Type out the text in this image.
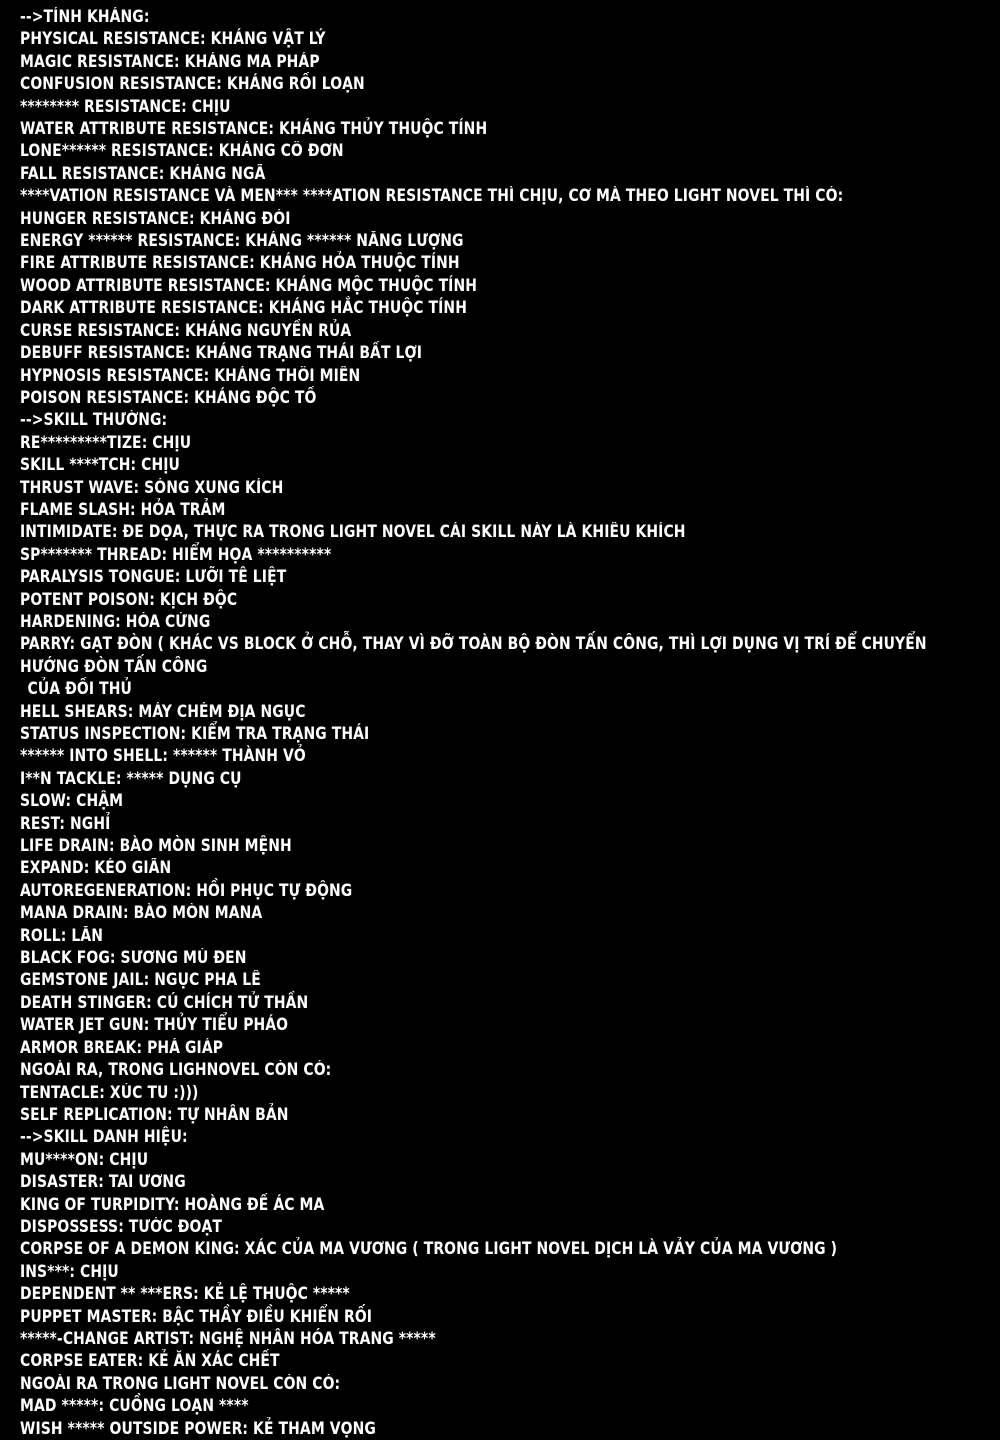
-->TÍNH KHÁNG:
PHYSICAL RESISTANCE: KHÁNG VẬT LÝ
MAGIC RESISTANCE: KHÁNG MA PHÁP
CONFUSION RESISTANCE: KHÁNG RỐI LOẠN
******** RESISTANCE: CHỊU
WATER ATTRIBUTE RESISTANCE: KHÁNG THỦY THUỘC TÍNH
LONE****** RESISTANCE: KHÁNG CÔ ĐƠN
FALL RESISTANCE: KHÁNG NGÃ
****VATION RESISTANCE VÀ MEN*** ****ATION RESISTANCE THÌ CHỊU, CƠ MÀ THEO LIGHT NOVEL THÌ CÓ:
HUNGER RESISTANCE: KHÁNG ĐÓI
ENERGY ****** RESISTANCE: KHÁNG ****** NĂNG LƯỢNG
FIRE ATTRIBUTE RESISTANCE: KHÁNG HỎA THUỘC TÍNH
WOOD ATTRIBUTE RESISTANCE: KHÁNG MỘC THUỘC TÍNH
DARK ATTRIBUTE RESISTANCE: KHÁNG HẮC THUỘC TÍNH
CURSE RESISTANCE: KHÁNG NGUYỀN RỦA
DEBUFF RESISTANCE: KHÁNG TRẠNG THÁI BẤT LỢI
HYPNOSIS RESISTANCE: KHÁNG THÔI MIÊN
POISON RESISTANCE: KHÁNG ĐỘC TỐ
-->SKILL THƯỜNG:
RE*********TIZE: CHỊU
SKILL ****TCH: CHỊU
THRUST WAVE: SÓNG XUNG KÍCH
FLAME SLASH: HỎA TRẢM
INTIMIDATE: ĐE DỌA, THỰC RA TRONG LIGHT NOVEL CÁI SKILL NÀY LÀ KHIÊU KHÍCH
SP******* THREAD: HIỂM HỌA **********
PARALYSIS TONGUE: LƯỠI TÊ LIỆT
POTENT POISON: KỊCH ĐỘC
HARDENING: HÓA CỨNG
PARRY: GẠT ĐÒN ( KHÁC VS BLOCK Ở CHỖ, THAY VÌ ĐỠ TOÀN BỘ ĐÒN TẤN CÔNG, THÌ LỢI DỤNG VỊ TRÍ ĐỂ CHUYỂN HƯỚNG ĐÒN TẤN CÔNG
CỦA ĐỐI THỦ
HELL SHEARS: MÁY CHÉM ĐỊA NGỤC
STATUS INSPECTION: KIỂM TRA TRẠNG THÁI
****** INTO SHELL: ****** THÀNH VỎ
I**N TACKLE: ***** DỤNG CỤ
SLOW: CHẬM
REST: NGHỈ
LIFE DRAIN: BÀO MÒN SINH MỆNH
EXPAND: KÉO GIÃN
AUTOREGENERATION: HỒI PHỤC TỰ ĐỘNG
MANA DRAIN: BÀO MÒN MANA
ROLL: LĂN
BLACK FOG: SƯƠNG MÙ ĐEN
GEMSTONE JAIL: NGỤC PHA LÊ
DEATH STINGER: CÚ CHÍCH TỬ THẦN
WATER JET GUN: THỦY TIỂU PHÁO
ARMOR BREAK: PHÁ GIÁP
NGOÀI RA, TRONG LIGHNOVEL CÒN CÓ:
TENTACLE: XÚC TU :)))
SELF REPLICATION: TỰ NHÂN BẢN
-->SKILL DANH HIỆU:
MU****ON: CHỊU
DISASTER: TAI ƯƠNG
KING OF TURPIDITY: HOÀNG ĐẾ ÁC MA
DISPOSSESS: TƯỚC ĐOẠT
CORPSE OF A DEMON KING: XÁC CỦA MA VƯƠNG ( TRONG LIGHT NOVEL DỊCH LÀ VẢY CỦA MA VƯƠNG )
INS***: CHỊU
DEPENDENT ** ***ERS: KẺ LỆ THUỘC *****
PUPPET MASTER: BẬC THẦY ĐIỀU KHIỂN RỐI
*****-CHANGE ARTIST: NGHỆ NHÂN HÓA TRANG *****
CORPSE EATER: KẺ ĂN XÁC CHẾT
NGOÀI RA TRONG LIGHT NOVEL CÒN CÓ:
MAD *****: CUỒNG LOẠN ****
WISH ***** OUTSIDE POWER: KẺ THAM VỌNG
